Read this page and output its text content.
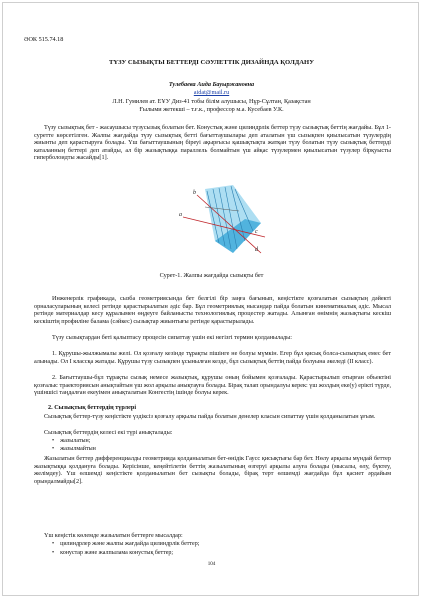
ӘОК 515.74.18
ТҮЗУ СЫЗЫҚТЫ БЕТТЕРДІ СӘУЛЕТТІК ДИЗАЙНДА ҚОЛДАНУ
Тулебаева Аида Бауыржановна
aidat@mail.ru
Л.Н. Гумилев ат. ЕҰУ Диз-41 тобы білім алушысы, Нұр-Сұлтан, Қазақстан
Ғылыми жетекші – т.ғ.к., профессор м.а. Кусебаев У.К.
Түзу сызықтық бет - жасаушысы түзусызық болатын бет. Конустық және цилиндрлік беттер түзу сызықтық беттің жағдайы. Бұл 1-суретте көрсетілген. Жалпы жағдайда түзу сызықтық бетті бағыттаушылары деп аталатын үш сызықпен қиылысатын түзулердің жиынты деп қарастыруға болады. Үш бағыттаушының біреуі ақырғысы қашықтықта жатқан түзу болатын түзу сызықтық беттерді каталанның беттері деп атайды, ал бір жазықтыққа параллель болмайтын үш айқас түзулермен қиылысатын түзулер бірқуысты гиперболоидты жасайды[1].
a
b
c
d
Сурет-1. Жалпы жағдайда сызықты бет
Инженерлік графикада, сызба геометриясында бет белгілі бір заңға бағынып, кеңістікте қозғалатын сызықтың дәйекті орналасуларының келесі ретінде қарастырылатын әдіс бар. Бұл геометриялық нысандар пайда болатын кинематикалық әдіс. Мысал ретінде материалдар кесу құралымен өңдеуге байланысты технологиялық процестер жатады. Алынған өнімнің жазықтығы кескіш кескіштің профиліне балама (сәйкес) сызықтар жиынтығы ретінде қарастырылады.
Түзу сызықтардан беті қалыптасу процесін сипаттау үшін екі негізгі термин қолданылады:
1. Құрушы-жылжымалы желі. Ол қозғалу кезінде тұрақты пішінге не болуы мүмкін. Егер бұл қисық болса-сызықтық емес бет алынады. Ол I классқа жатады. Құрушы түзу сызықпен ұсынылған кезде, бұл сызықтық беттің пайда болуына әкеледі (II класс).
2. Бағыттаушы-бұл тұрақты сызық немесе жазықтық, құрушы оның бойымен қозғалады. Қарастырылып отырған объектіні қозғалыс траекториясын анықтайтын үш жол арқылы анықтауға болады. Бірақ талап орындалуы керек: үш жолдың еке(у) ерікті түрде, үшіншісі таңдалған екеуімен анықталатын Конгестің ішінде болуы керек.
2. Сызықтық беттердің түрлері
Сызықтық беттер-түзу кеңістікте үздіксіз қозғалу арқылы пайда болатын денелер класын сипаттау үшін қолданылатын ұғым.
Сызықтық беттердің келесі екі түрі анықталады:
•    жазылатын;
•    жазылмайтын
Жазылатын беттер дифференциалды геометрияда қолданылатын бет-өнідік Гаусс қисықтығы бар бет. Нөлу арқылы мүндай беттер жазықтыққа қолдануға болады. Керісінше, кеңейтілетін беттің жазылатының өзгеруі арқылы алуға болады (мысалы, өлу, бүктеу, желімдеу). Үш өлшемді кеңістікте қолданылатын бет сызықты болады, бірақ терт өлшемді жағдайда бұл қасиет әрдайым орындалмайды[2].
Үш кеңістік көлемде жазылатын беттерге мысалдар:
•    цилиндрлер және жалпы жағдайда цилиндрлік беттер;
•    конустар және жалпылама конустық беттер;
104
